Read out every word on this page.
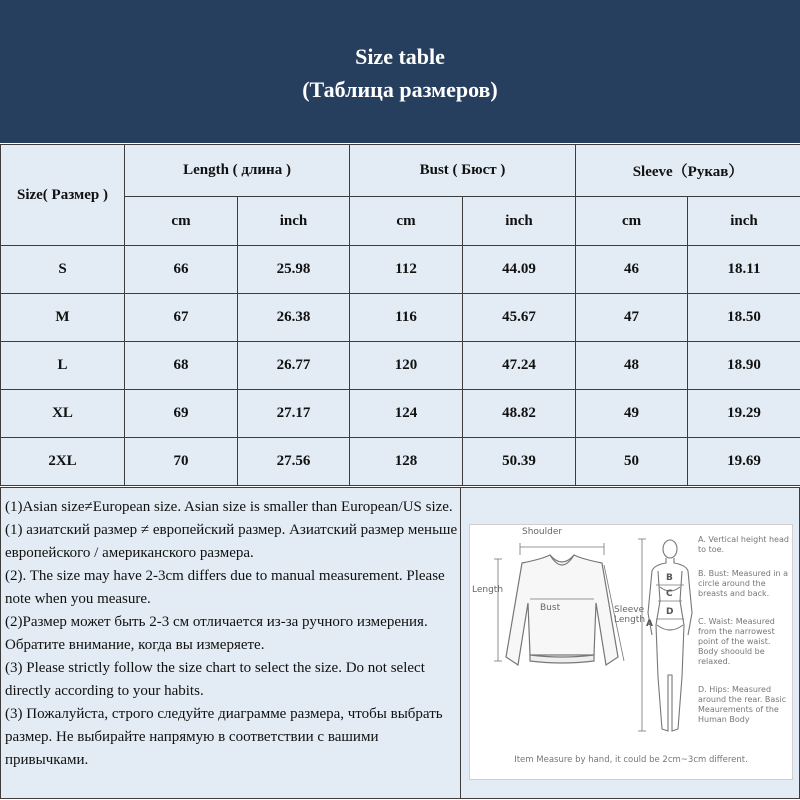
Size table
(Таблица размеров)
Size( Размер )	Length ( длина )		Bust ( Бюст )		Sleeve（Рукав）	
	cm	inch	cm	inch	cm	inch
S	66	25.98	112	44.09	46	18.11
M	67	26.38	116	45.67	47	18.50
L	68	26.77	120	47.24	48	18.90
XL	69	27.17	124	48.82	49	19.29
2XL	70	27.56	128	50.39	50	19.69

(1)Asian size≠European size. Asian size is smaller than European/US size.

(1) азиатский размер ≠ европейский размер. Азиатский размер меньше европейского / американского размера.

(2). The size may have 2-3cm differs due to manual measurement. Please note when you measure.

(2)Размер может быть 2-3 см отличается из-за ручного измерения. Обратите внимание, когда вы измеряете.

(3) Please strictly follow the size chart to select the size. Do not select directly according to your habits.

(3) Пожалуйста, строго следуйте диаграмме размера, чтобы выбрать размер. Не выбирайте напрямую в соответствии с вашими привычками.

Shoulder
Length
Bust	Sleeve
Length A
B
C
D
A. Vertical height head to toe.
B. Bust: Measured in a circle around the breasts and back.
C. Waist: Measured from the narrowest point of the waist. Body shoould be relaxed.
D. Hips: Measured around the rear. Basic Meaurements of the Human Body
Item Measure by hand, it could be 2cm~3cm different.
